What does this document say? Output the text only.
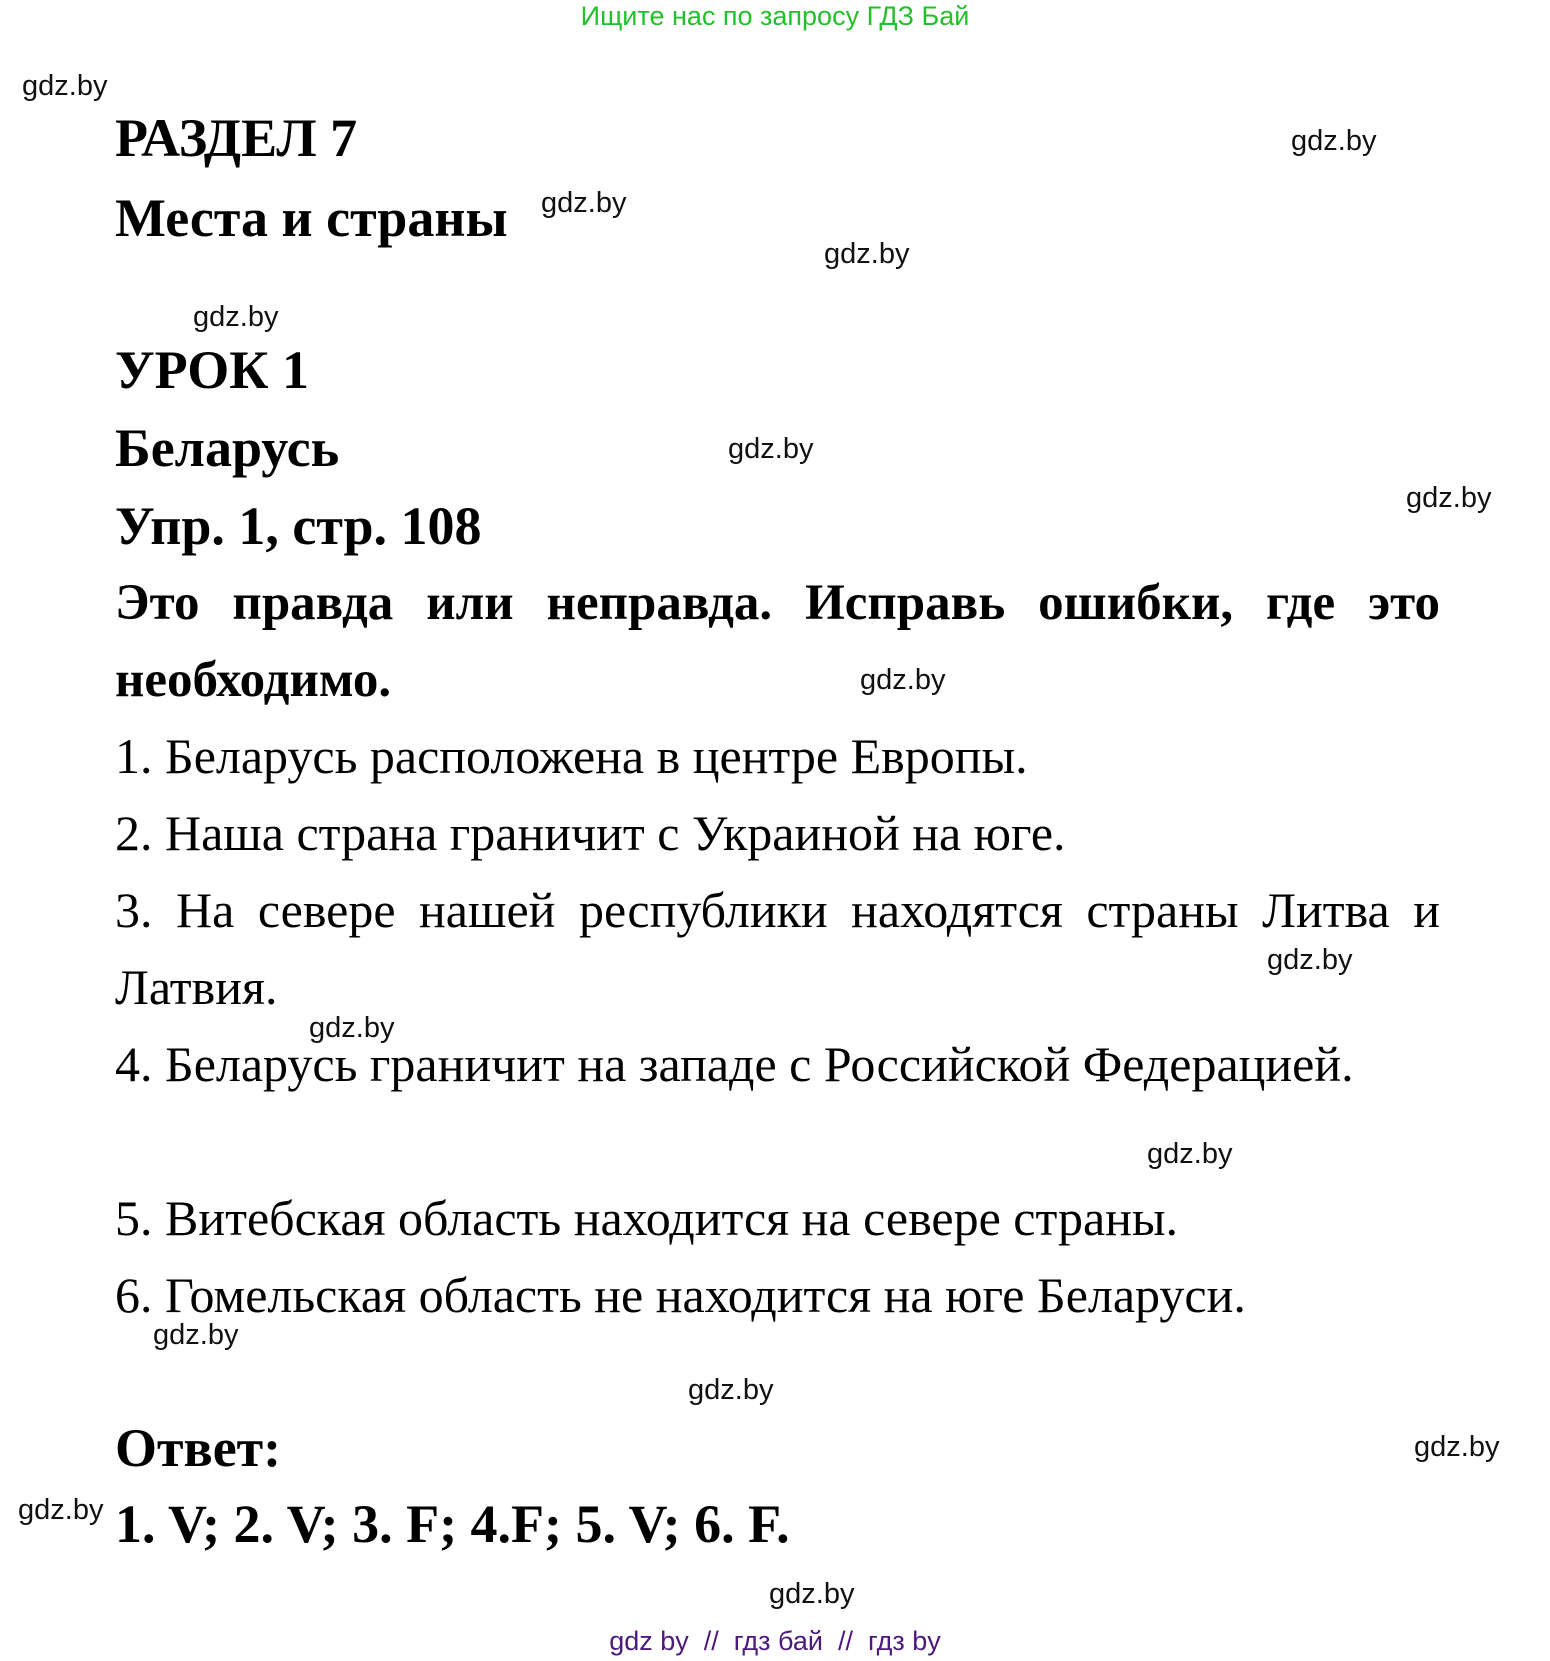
Ищите нас по запросу ГДЗ Бай
РАЗДЕЛ 7
Места и страны
УРОК 1
Беларусь
Упр. 1, стр. 108
Это правда или неправда. Исправь ошибки, где это необходимо.
1. Беларусь расположена в центре Европы.
2. Наша страна граничит с Украиной на юге.
3. На севере нашей республики находятся страны Литва и Латвия.
4. Беларусь граничит на западе с Российской Федерацией.
5. Витебская область находится на севере страны.
6. Гомельская область не находится на юге Беларуси.
Ответ:
1. V; 2. V; 3. F; 4.F; 5. V; 6. F.
gdz.by
gdz.by
gdz.by
gdz.by
gdz.by
gdz.by
gdz.by
gdz.by
gdz.by
gdz.by
gdz.by
gdz.by
gdz.by
gdz.by
gdz.by
gdz.by
gdz by  //  гдз бай  //  гдз by
